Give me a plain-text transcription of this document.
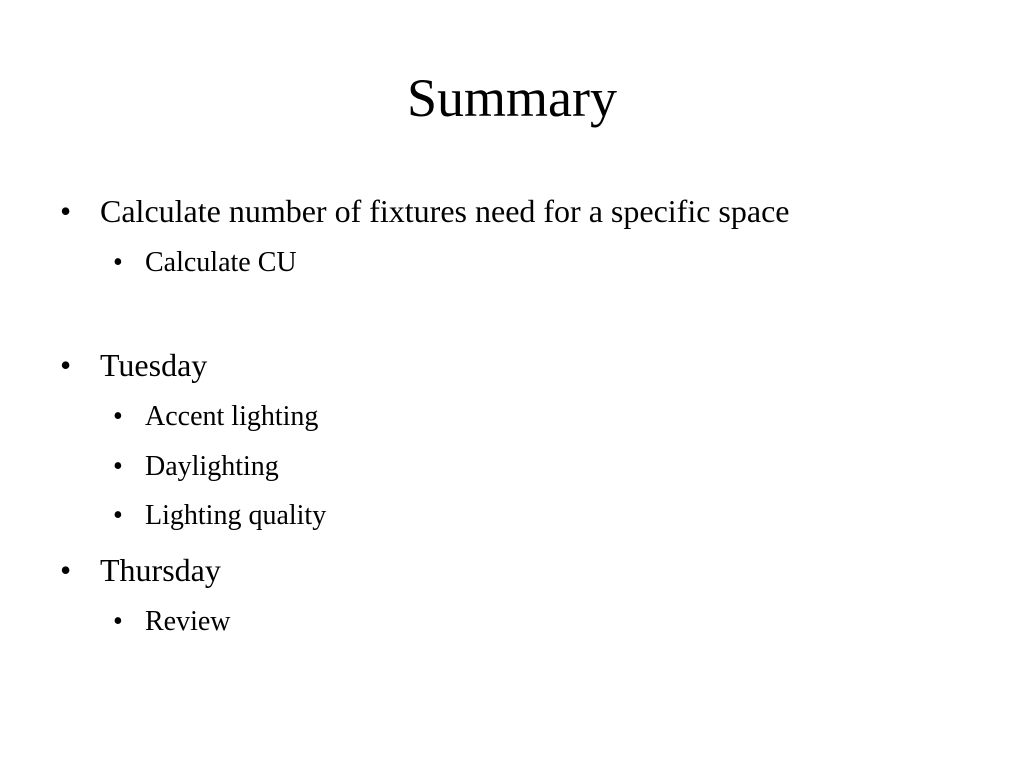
Summary
• Calculate number of fixtures need for a specific space
• Calculate CU
• Tuesday
• Accent lighting
• Daylighting
• Lighting quality
• Thursday
• Review
